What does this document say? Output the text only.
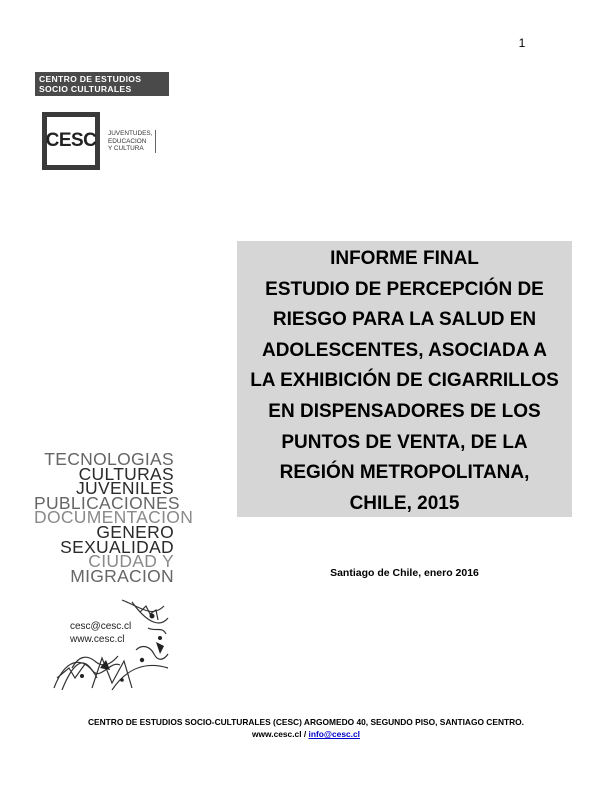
1
CENTRO DE ESTUDIOS
SOCIO CULTURALES
CESC	JUVENTUDES,
EDUCACION
Y CULTURA
INFORME FINAL
ESTUDIO DE PERCEPCIÓN DE
RIESGO PARA LA SALUD EN
ADOLESCENTES, ASOCIADA A
LA EXHIBICIÓN DE CIGARRILLOS
EN DISPENSADORES DE LOS
PUNTOS DE VENTA, DE LA
REGIÓN METROPOLITANA,
CHILE, 2015
Santiago de Chile, enero 2016
TECNOLOGIAS
CULTURAS
JUVENILES
PUBLICACIONES
DOCUMENTACION
GENERO
SEXUALIDAD
CIUDAD Y
MIGRACION
cesc@cesc.cl
www.cesc.cl
CENTRO DE ESTUDIOS SOCIO-CULTURALES (CESC) ARGOMEDO 40, SEGUNDO PISO, SANTIAGO CENTRO.
www.cesc.cl / info@cesc.cl
